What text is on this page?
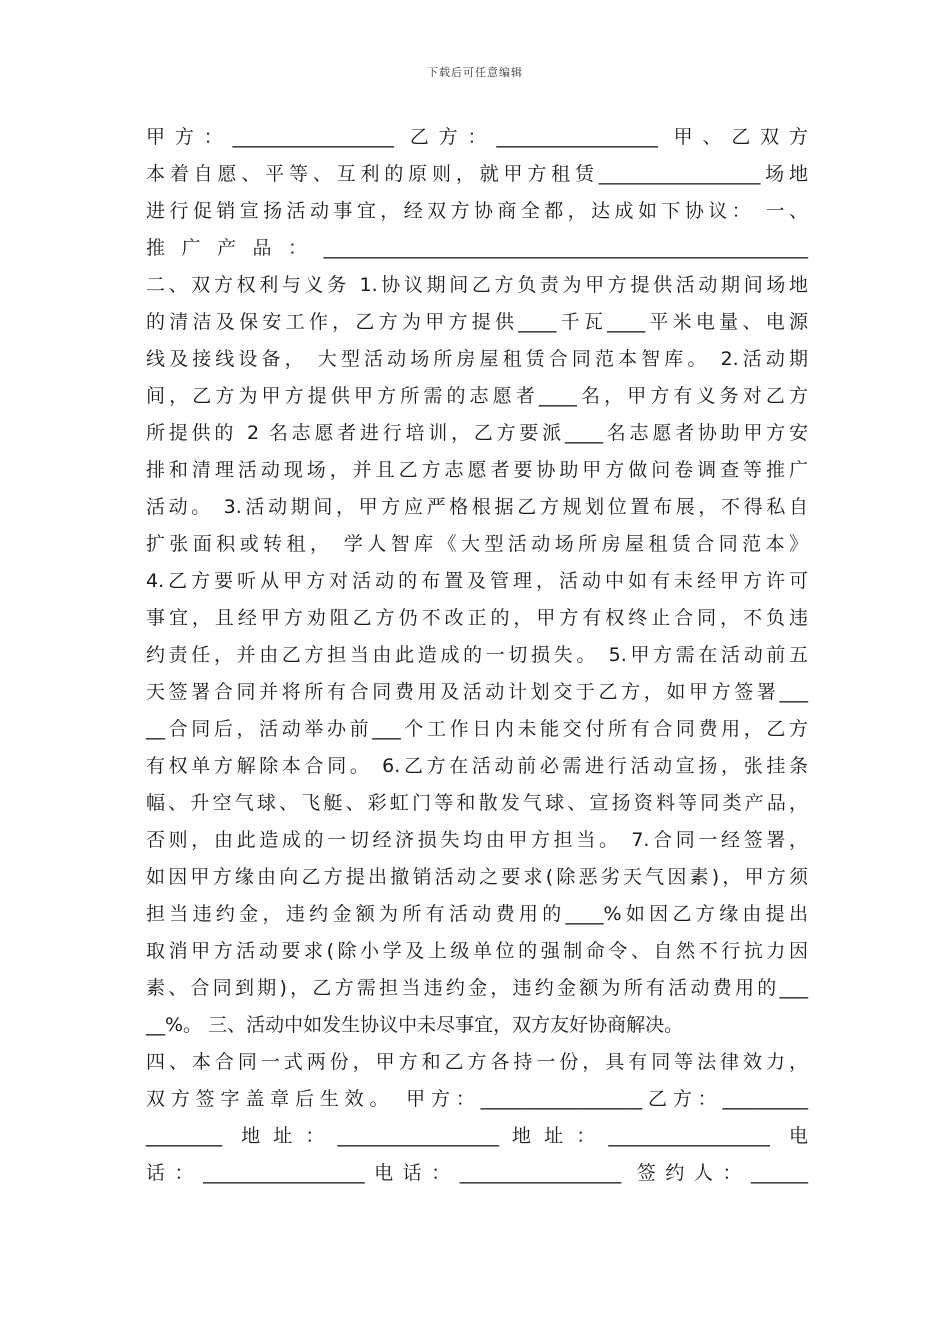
下载后可任意编辑
甲方：_________________ 乙方：_________________ 甲、乙双方
本着自愿、平等、互利的原则，就甲方租赁_________________场地
进行促销宣扬活动事宜，经双方协商全都，达成如下协议： 一、
推广产品：___________________________________________________
二、双方权利与义务 1.协议期间乙方负责为甲方提供活动期间场地
的清洁及保安工作，乙方为甲方提供____千瓦____平米电量、电源
线及接线设备， 大型活动场所房屋租赁合同范本智库。 2.活动期
间，乙方为甲方提供甲方所需的志愿者____名，甲方有义务对乙方
所提供的 2 名志愿者进行培训，乙方要派____名志愿者协助甲方安
排和清理活动现场，并且乙方志愿者要协助甲方做问卷调查等推广
活动。 3.活动期间，甲方应严格根据乙方规划位置布展，不得私自
扩张面积或转租， 学人智库《大型活动场所房屋租赁合同范本》
4.乙方要听从甲方对活动的布置及管理，活动中如有未经甲方许可
事宜，且经甲方劝阻乙方仍不改正的，甲方有权终止合同，不负违
约责任，并由乙方担当由此造成的一切损失。 5.甲方需在活动前五
天签署合同并将所有合同费用及活动计划交于乙方，如甲方签署___
__合同后，活动举办前___个工作日内未能交付所有合同费用，乙方
有权单方解除本合同。 6.乙方在活动前必需进行活动宣扬，张挂条
幅、升空气球、飞艇、彩虹门等和散发气球、宣扬资料等同类产品，
否则，由此造成的一切经济损失均由甲方担当。 7.合同一经签署，
如因甲方缘由向乙方提出撤销活动之要求(除恶劣天气因素)，甲方须
担当违约金，违约金额为所有活动费用的____%如因乙方缘由提出
取消甲方活动要求(除小学及上级单位的强制命令、自然不行抗力因
素、合同到期)，乙方需担当违约金，违约金额为所有活动费用的___
__%。 三、活动中如发生协议中未尽事宜，双方友好协商解决。
四、本合同一式两份，甲方和乙方各持一份，具有同等法律效力，
双方签字盖章后生效。 甲方：_________________乙方：_________
________ 地址：_________________地址：_________________ 电
话：_________________电话：_________________ 签约人：______
